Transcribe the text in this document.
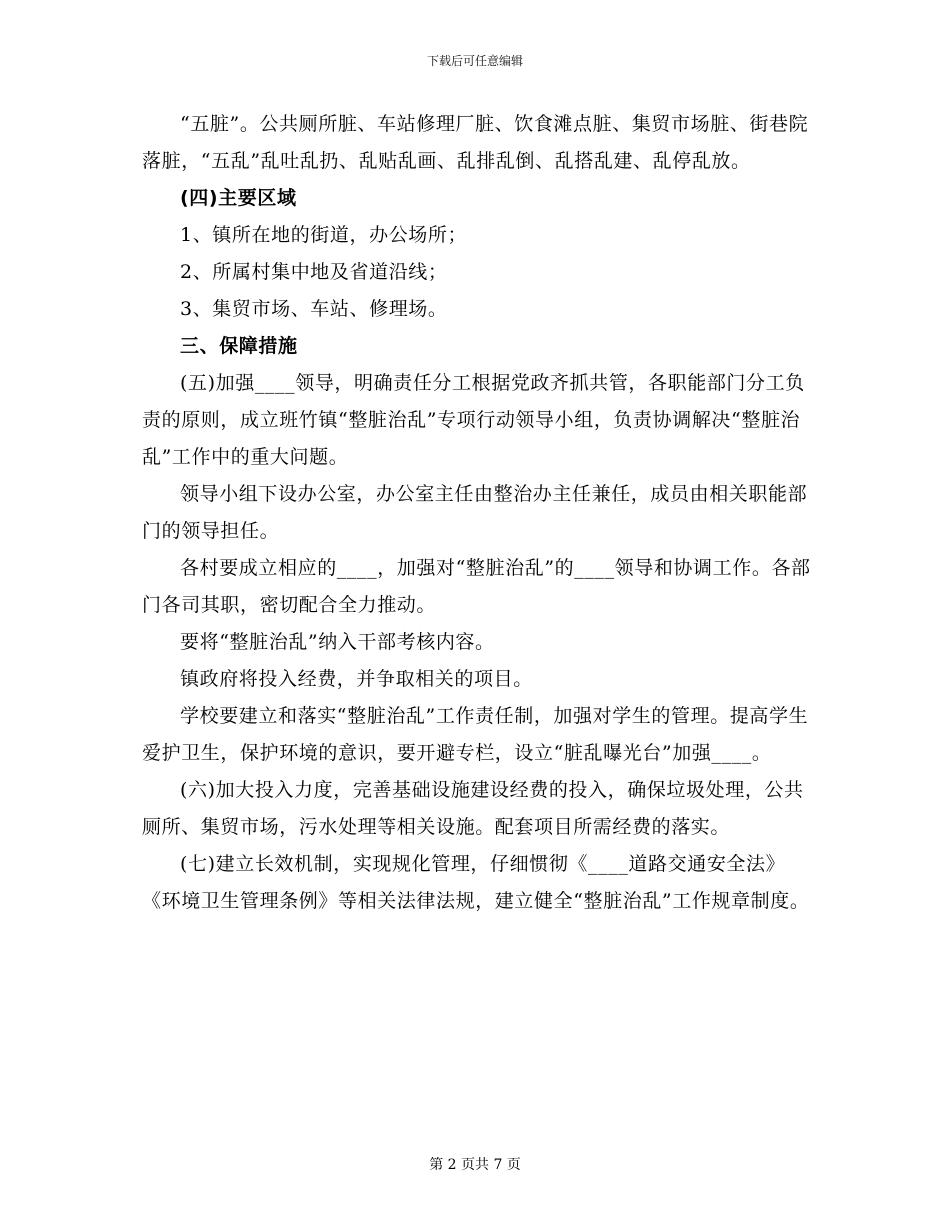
下载后可任意编辑

“五脏”。公共厕所脏、车站修理厂脏、饮食滩点脏、集贸市场脏、街巷院落脏，“五乱”乱吐乱扔、乱贴乱画、乱排乱倒、乱搭乱建、乱停乱放。

(四)主要区域

1、镇所在地的街道，办公场所；

2、所属村集中地及省道沿线；

3、集贸市场、车站、修理场。

三、保障措施

(五)加强____领导，明确责任分工根据党政齐抓共管，各职能部门分工负责的原则，成立班竹镇“整脏治乱”专项行动领导小组，负责协调解决“整脏治乱”工作中的重大问题。

领导小组下设办公室，办公室主任由整治办主任兼任，成员由相关职能部门的领导担任。

各村要成立相应的____，加强对“整脏治乱”的____领导和协调工作。各部门各司其职，密切配合全力推动。

要将“整脏治乱”纳入干部考核内容。

镇政府将投入经费，并争取相关的项目。

学校要建立和落实“整脏治乱”工作责任制，加强对学生的管理。提高学生爱护卫生，保护环境的意识，要开避专栏，设立“脏乱曝光台”加强____。

(六)加大投入力度，完善基础设施建设经费的投入，确保垃圾处理，公共厕所、集贸市场，污水处理等相关设施。配套项目所需经费的落实。

(七)建立长效机制，实现规化管理，仔细惯彻《____道路交通安全法》《环境卫生管理条例》等相关法律法规，建立健全“整脏治乱”工作规章制度。

第 2 页共 7 页
